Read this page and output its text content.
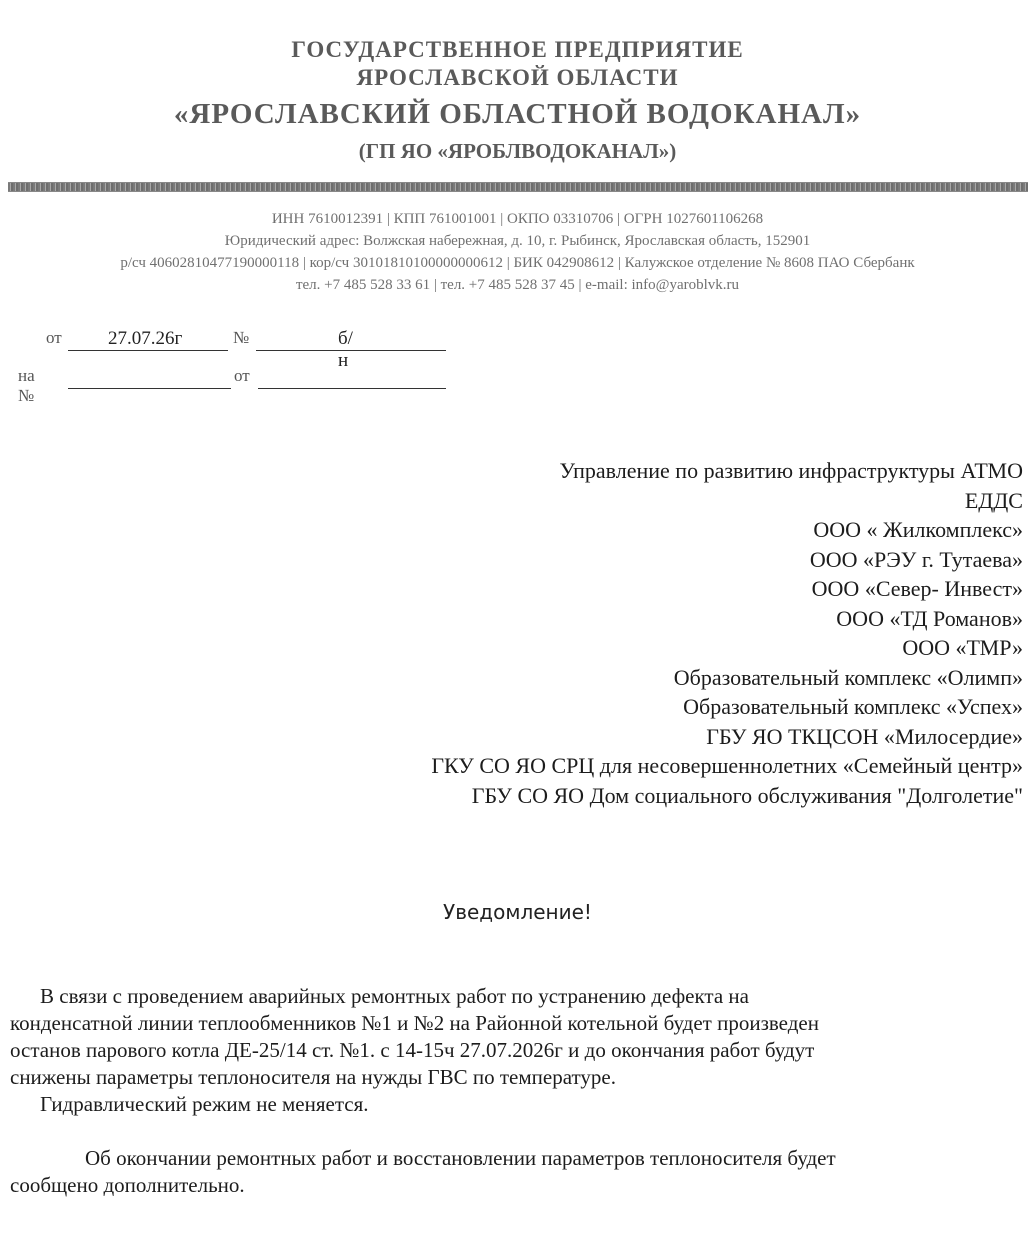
ГОСУДАРСТВЕННОЕ ПРЕДПРИЯТИЕ
ЯРОСЛАВСКОЙ ОБЛАСТИ
«ЯРОСЛАВСКИЙ ОБЛАСТНОЙ ВОДОКАНАЛ»
(ГП ЯО «ЯРОБЛВОДОКАНАЛ»)
ИНН 7610012391 | КПП 761001001 | ОКПО 03310706 | ОГРН 1027601106268
Юридический адрес: Волжская набережная, д. 10, г. Рыбинск, Ярославская область, 152901
р/сч 40602810477190000118 | кор/сч 30101810100000000612 | БИК 042908612 | Калужское отделение № 8608 ПАО Сбербанк
тел. +7 485 528 33 61 | тел. +7 485 528 37 45 | e-mail: info@yaroblvk.ru
от 27.07.26г	№	б/н
на №
от
Управление по развитию инфраструктуры АТМО
ЕДДС
ООО « Жилкомплекс»
ООО «РЭУ г. Тутаева»
ООО «Север- Инвест»
ООО «ТД Романов»
ООО «ТМР»
Образовательный комплекс «Олимп»
Образовательный комплекс «Успех»
ГБУ ЯО ТКЦСОН «Милосердие»
ГКУ СО ЯО СРЦ для несовершеннолетних «Семейный центр»
ГБУ СО ЯО Дом социального обслуживания "Долголетие"
Уведомление!
В связи с проведением аварийных ремонтных работ по устранению дефекта на
конденсатной линии теплообменников №1 и №2 на Районной котельной будет произведен
останов парового котла ДЕ-25/14 ст. №1. с 14-15ч 27.07.2026г и до окончания работ будут
снижены параметры теплоносителя на нужды ГВС по температуре.
Гидравлический режим не меняется.
Об окончании ремонтных работ и восстановлении параметров теплоносителя будет
сообщено дополнительно.
